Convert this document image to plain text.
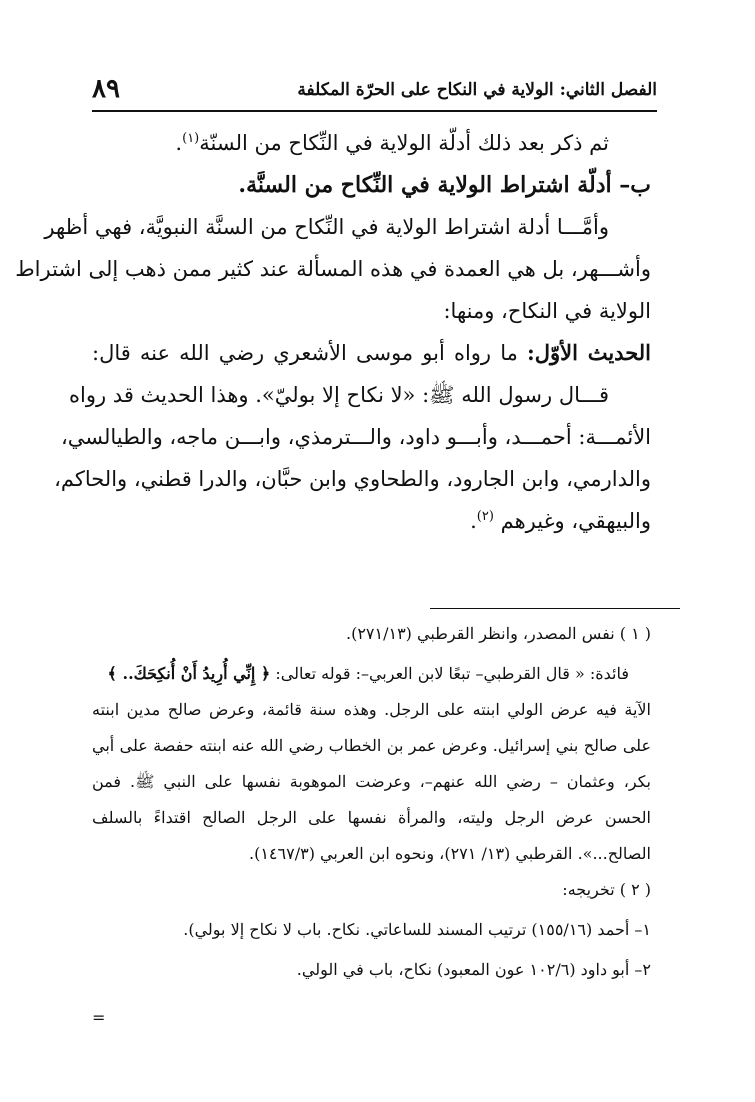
٨٩	الفصل الثاني: الولاية في النكاح على الحرّة المكلفة
ثم ذكر بعد ذلك أدلّة الولاية في النِّكاح من السنّة$^{(١)}$.
ب– أدلّة اشتراط الولاية في النِّكاح من السنَّة.
وأمَّـــا أدلة اشتراط الولاية في النِّكاح من السنَّة النبويَّة، فهي أظهر
وأشـــهر، بل هي العمدة في هذه المسألة عند كثير ممن ذهب إلى اشتراط
الولاية في النكاح، ومنها:
الحديث الأوّل: ما رواه أبو موسى الأشعري رضي الله عنه قال:
قـــال رسول الله ﷺ: «لا نكاح إلا بوليّ». وهذا الحديث قد رواه
الأئمـــة: أحمـــد، وأبـــو داود، والـــترمذي، وابـــن ماجه، والطيالسي،
والدارمي، وابن الجارود، والطحاوي وابن حبَّان، والدرا قطني، والحاكم،
والبيهقي، وغيرهم $^{(٢)}$.
( ١ ) نفس المصدر، وانظر القرطبي (٢٧١/١٣).
فائدة: « قال القرطبي– تبعًا لابن العربي–: قوله تعالى: ﴿ إِنِّي أُرِيدُ أَنْ أُنكِحَكَ.. ﴾
الآية فيه عرض الولي ابنته على الرجل. وهذه سنة قائمة، وعرض صالح مدين ابنته
على صالح بني إسرائيل. وعرض عمر بن الخطاب رضي الله عنه ابنته حفصة على أبي
بكر، وعثمان – رضي الله عنهم–، وعرضت الموهوبة نفسها على النبي ﷺ. فمن
الحسن عرض الرجل وليته، والمرأة نفسها على الرجل الصالح اقتداءً بالسلف
الصالح...». القرطبي (١٣/ ٢٧١)، ونحوه ابن العربي (١٤٦٧/٣).
( ٢ ) تخريجه:
١– أحمد (١٥٥/١٦) ترتيب المسند للساعاتي. نكاح. باب لا نكاح إلا بولي).
٢– أبو داود (١٠٢/٦ عون المعبود) نكاح، باب في الولي.
=
